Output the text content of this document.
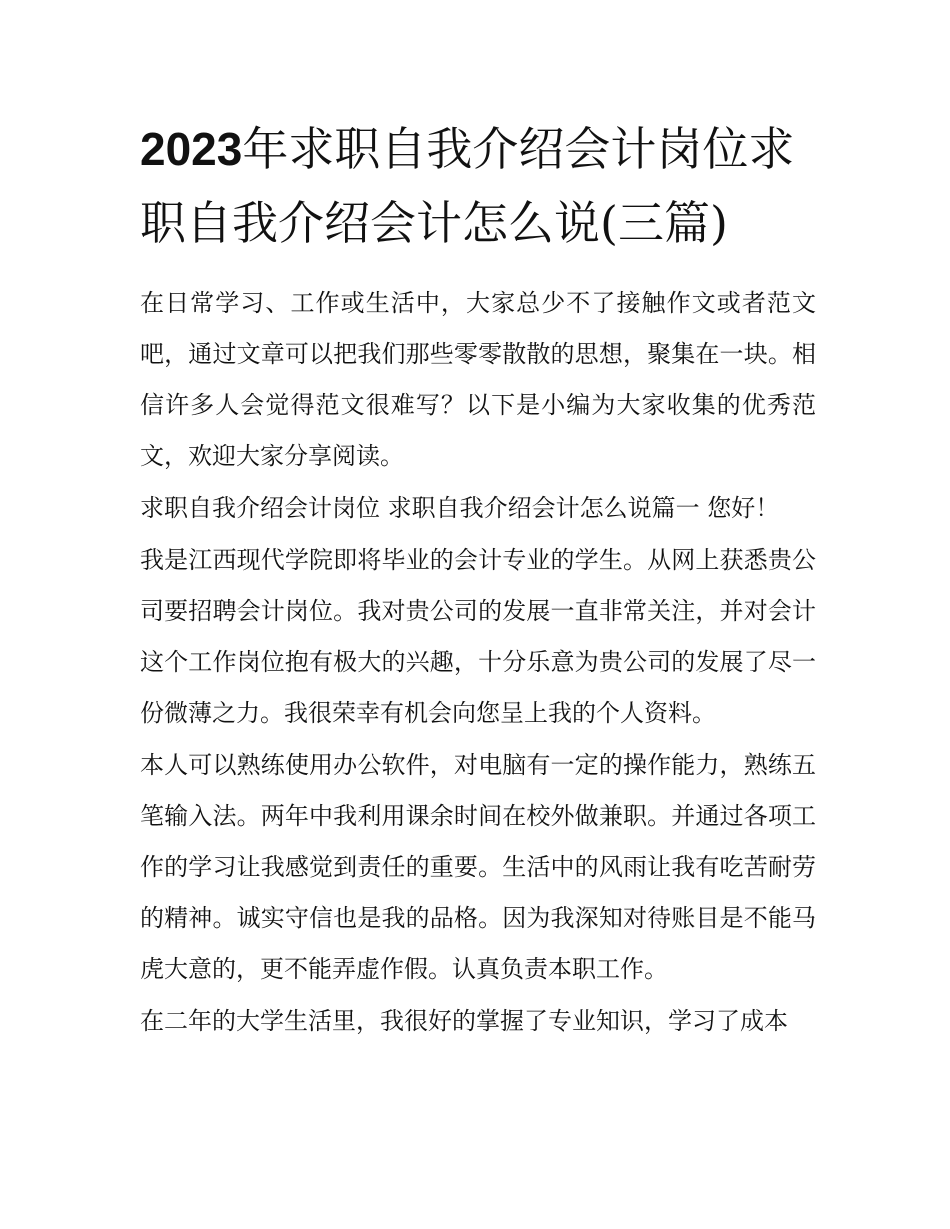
2023年求职自我介绍会计岗位求职自我介绍会计怎么说(三篇)

在日常学习、工作或生活中，大家总少不了接触作文或者范文吧，通过文章可以把我们那些零零散散的思想，聚集在一块。相信许多人会觉得范文很难写？以下是小编为大家收集的优秀范文，欢迎大家分享阅读。

求职自我介绍会计岗位 求职自我介绍会计怎么说篇一 您好！

我是江西现代学院即将毕业的会计专业的学生。从网上获悉贵公司要招聘会计岗位。我对贵公司的发展一直非常关注，并对会计这个工作岗位抱有极大的兴趣，十分乐意为贵公司的发展了尽一份微薄之力。我很荣幸有机会向您呈上我的个人资料。

本人可以熟练使用办公软件，对电脑有一定的操作能力，熟练五笔输入法。两年中我利用课余时间在校外做兼职。并通过各项工作的学习让我感觉到责任的重要。生活中的风雨让我有吃苦耐劳的精神。诚实守信也是我的品格。因为我深知对待账目是不能马虎大意的，更不能弄虚作假。认真负责本职工作。

在二年的大学生活里，我很好的掌握了专业知识，学习了成本
